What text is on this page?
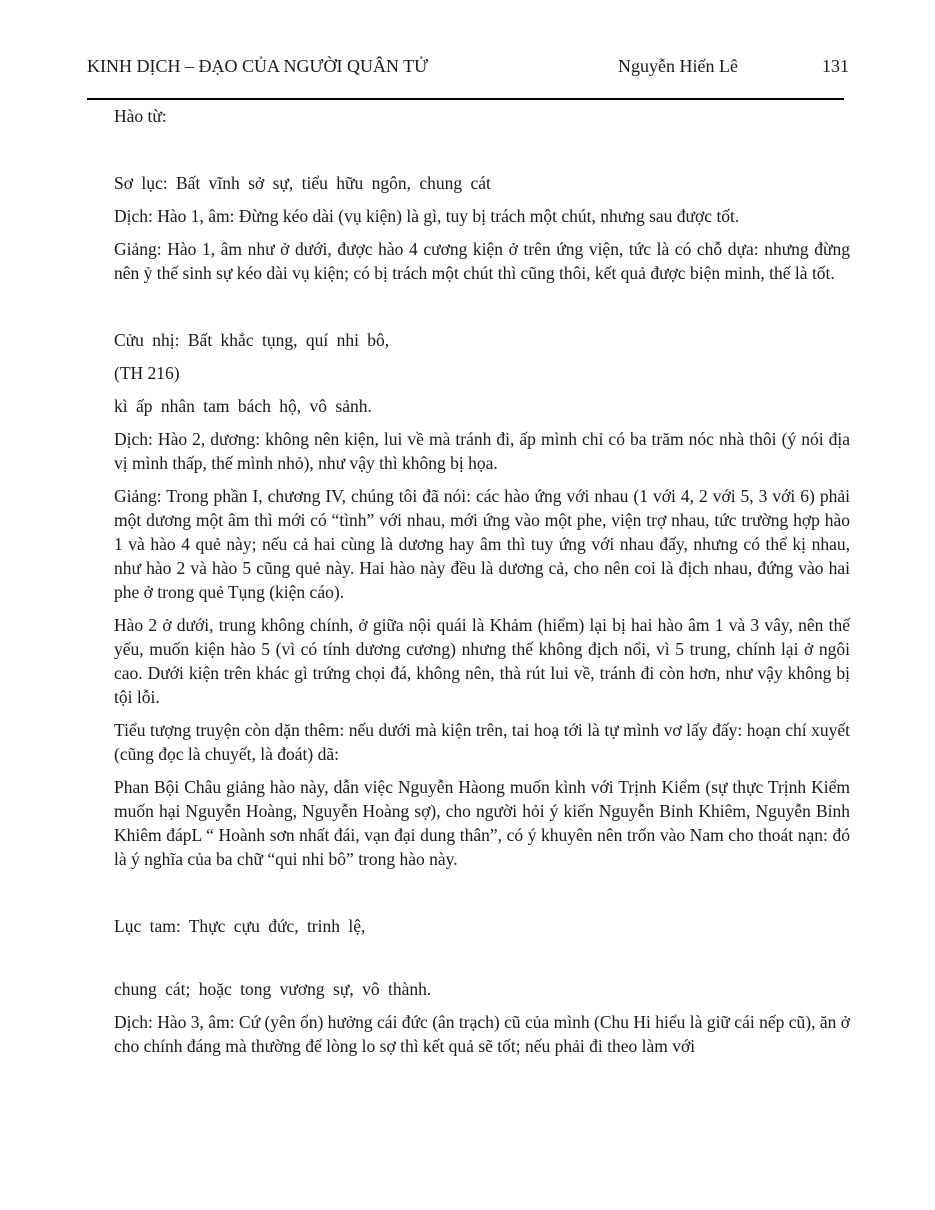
KINH DỊCH – ĐẠO CỦA NGƯỜI QUÂN TỬ	Nguyễn Hiến Lê	131

Hào từ:

Sơ lục: Bất vĩnh sở sự, tiểu hữu ngôn, chung cát

Dịch: Hào 1, âm: Đừng kéo dài (vụ kiện) là gì, tuy bị trách một chút, nhưng sau được tốt.

Giảng: Hào 1, âm như ở dưới, được hào 4 cương kiện ở trên ứng viện, tức là có chỗ dựa: nhưng đừng nên ỷ thế sinh sự kéo dài vụ kiện; có bị trách một chút thì cũng thôi, kết quả được biện minh, thế là tốt.

Cửu nhị: Bất khắc tụng, quí nhi bô,

(TH 216)

kì ấp nhân tam bách hộ, vô sảnh.

Dịch: Hào 2, dương: không nên kiện, lui về mà tránh đi, ấp mình chỉ có ba trăm nóc nhà thôi (ý nói địa vị mình thấp, thế mình nhỏ), như vậy thì không bị họa.

Giảng: Trong phần I, chương IV, chúng tôi đã nói: các hào ứng với nhau (1 với 4, 2 với 5, 3 với 6) phải một dương một âm thì mới có “tình” với nhau, mới ứng vào một phe, viện trợ nhau, tức trường hợp hào 1 và hào 4 quẻ này; nếu cả hai cùng là dương hay âm thì tuy ứng với nhau đấy, nhưng có thể kị nhau, như hào 2 và hào 5 cũng quẻ này. Hai hào này đều là dương cả, cho nên coi là địch nhau, đứng vào hai phe ở trong quẻ Tụng (kiện cáo).

Hào 2 ở dưới, trung không chính, ở giữa nội quái là Khảm (hiểm) lại bị hai hào âm 1 và 3 vây, nên thế yếu, muốn kiện hào 5 (vì có tính dương cương) nhưng thế không địch nổi, vì 5 trung, chính lại ở ngôi cao. Dưới kiện trên khác gì trứng chọi đá, không nên, thà rút lui về, tránh đi còn hơn, như vậy không bị tội lỗi.

Tiểu tượng truyện còn dặn thêm: nếu dưới mà kiện trên, tai hoạ tới là tự mình vơ lấy đấy: hoạn chí xuyết (cũng đọc là chuyết, là đoát) dã:

Phan Bội Châu giảng hào này, dẫn việc Nguyễn Hàong muốn kình với Trịnh Kiểm (sự thực Trịnh Kiểm muốn hại Nguyễn Hoàng, Nguyễn Hoàng sợ), cho người hỏi ý kiến Nguyễn Bỉnh Khiêm, Nguyễn Bỉnh Khiêm đápL “ Hoành sơn nhất đái, vạn đại dung thân”, có ý khuyên nên trốn vào Nam cho thoát nạn: đó là ý nghĩa của ba chữ “qui nhi bô” trong hào này.

Lục tam: Thực cựu đức, trinh lệ,

chung cát; hoặc tong vương sự, vô thành.

Dịch: Hào 3, âm: Cứ (yên ổn) hưởng cái đức (ân trạch) cũ của mình (Chu Hi hiểu là giữ cái nếp cũ), ăn ở cho chính đáng mà thường để lòng lo sợ thì kết quả sẽ tốt; nếu phải đi theo làm với
